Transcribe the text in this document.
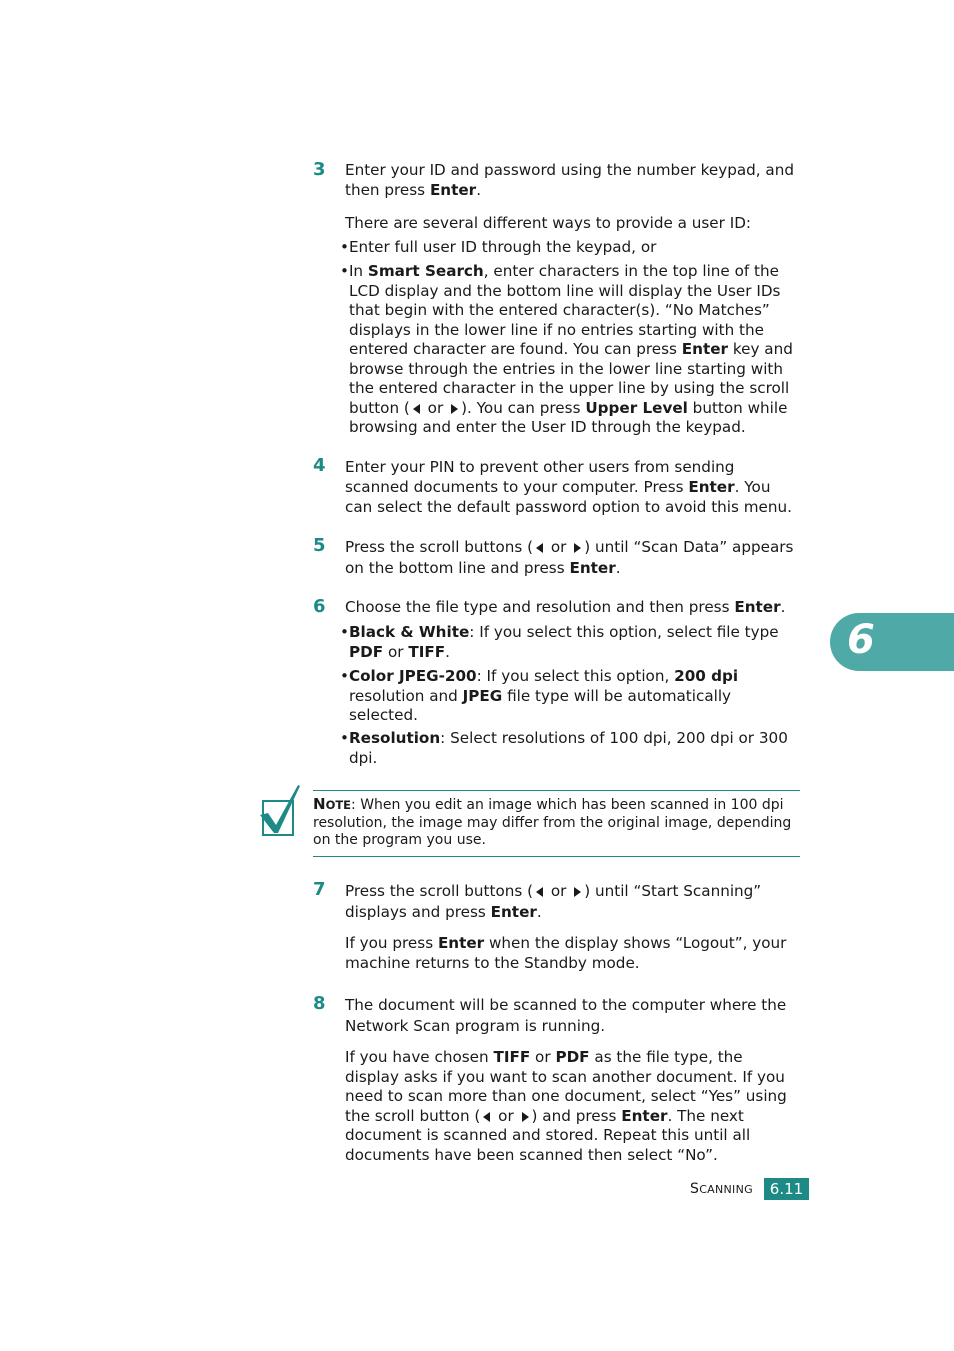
3 Enter your ID and password using the number keypad, and
then press Enter.
There are several different ways to provide a user ID:
•Enter full user ID through the keypad, or
•In Smart Search, enter characters in the top line of the LCD display and the bottom line will display the User IDs that begin with the entered character(s). “No Matches” displays in the lower line if no entries starting with the entered character are found. You can press Enter key and browse through the entries in the lower line starting with the entered character in the upper line by using the scroll button ( or ). You can press Upper Level button while browsing and enter the User ID through the keypad.
4 Enter your PIN to prevent other users from sending scanned documents to your computer. Press Enter. You can select the default password option to avoid this menu.
5 Press the scroll buttons ( or ) until “Scan Data” appears on the bottom line and press Enter.
6 Choose the file type and resolution and then press Enter.
•Black & White: If you select this option, select file type PDF or TIFF.
•Color JPEG-200: If you select this option, 200 dpi resolution and JPEG file type will be automatically selected.
•Resolution: Select resolutions of 100 dpi, 200 dpi or 300 dpi.
NOTE: When you edit an image which has been scanned in 100 dpi resolution, the image may differ from the original image, depending on the program you use.
7 Press the scroll buttons ( or ) until “Start Scanning” displays and press Enter.
If you press Enter when the display shows “Logout”, your machine returns to the Standby mode.
8 The document will be scanned to the computer where the Network Scan program is running.
If you have chosen TIFF or PDF as the file type, the display asks if you want to scan another document. If you need to scan more than one document, select “Yes” using the scroll button ( or ) and press Enter. The next document is scanned and stored. Repeat this until all documents have been scanned then select “No”.
6
SCANNING	6.11
